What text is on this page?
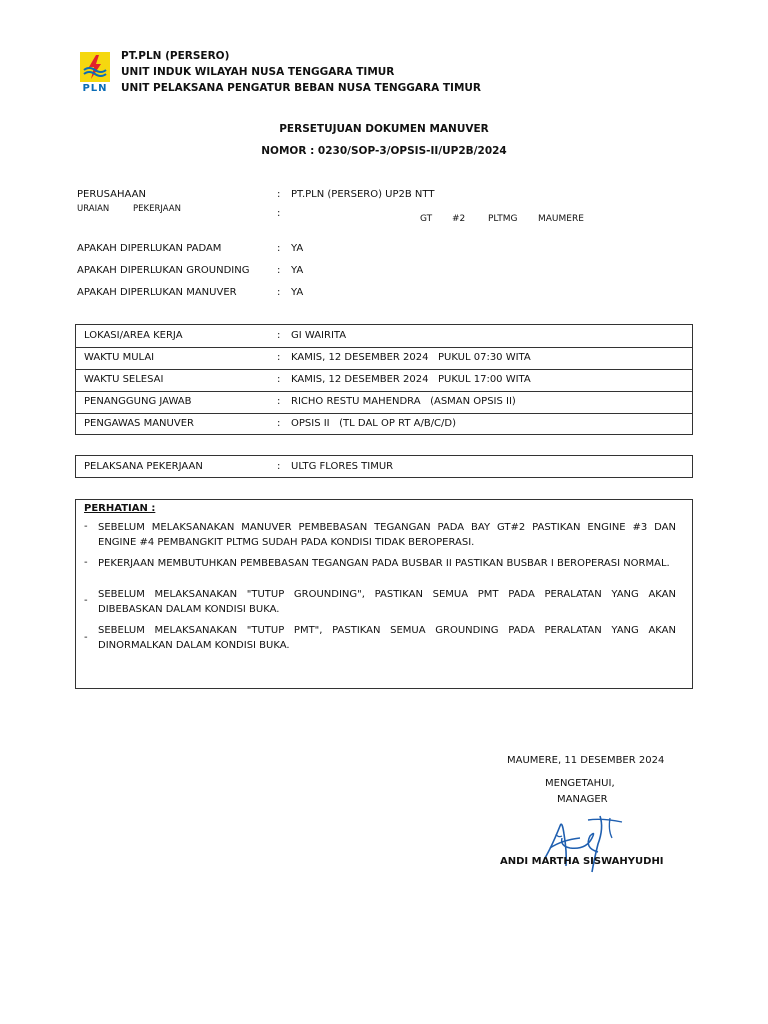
PLN
PT.PLN (PERSERO)
UNIT INDUK WILAYAH NUSA TENGGARA TIMUR
UNIT PELAKSANA PENGATUR BEBAN NUSA TENGGARA TIMUR
PERSETUJUAN DOKUMEN MANUVER
NOMOR : 0230/SOP-3/OPSIS-II/UP2B/2024
PERUSAHAAN	: PT.PLN (PERSERO) UP2B NTT
URAIAN	PEKERJAAN	:	GT #2	PLTMG MAUMERE
APAKAH DIPERLUKAN PADAM	: YA
APAKAH DIPERLUKAN GROUNDING	: YA
APAKAH DIPERLUKAN MANUVER	: YA
LOKASI/AREA KERJA	: GI WAIRITA
WAKTU MULAI	: KAMIS, 12 DESEMBER 2024   PUKUL 07:30 WITA
WAKTU SELESAI	: KAMIS, 12 DESEMBER 2024   PUKUL 17:00 WITA
PENANGGUNG JAWAB	: RICHO RESTU MAHENDRA   (ASMAN OPSIS II)
PENGAWAS MANUVER	: OPSIS II   (TL DAL OP RT A/B/C/D)
PELAKSANA PEKERJAAN	: ULTG FLORES TIMUR
PERHATIAN :
- SEBELUM MELAKSANAKAN MANUVER PEMBEBASAN TEGANGAN PADA BAY GT#2 PASTIKAN ENGINE #3 DAN ENGINE #4 PEMBANGKIT PLTMG SUDAH PADA KONDISI TIDAK BEROPERASI.
- PEKERJAAN MEMBUTUHKAN PEMBEBASAN TEGANGAN PADA BUSBAR II PASTIKAN BUSBAR I BEROPERASI NORMAL.
-
SEBELUM MELAKSANAKAN "TUTUP GROUNDING", PASTIKAN SEMUA PMT PADA PERALATAN YANG AKAN DIBEBASKAN DALAM KONDISI BUKA.
-
SEBELUM MELAKSANAKAN "TUTUP PMT", PASTIKAN SEMUA GROUNDING PADA PERALATAN YANG AKAN DINORMALKAN DALAM KONDISI BUKA.
MAUMERE, 11 DESEMBER 2024
MENGETAHUI,
MANAGER
ANDI MARTHA SISWAHYUDHI
